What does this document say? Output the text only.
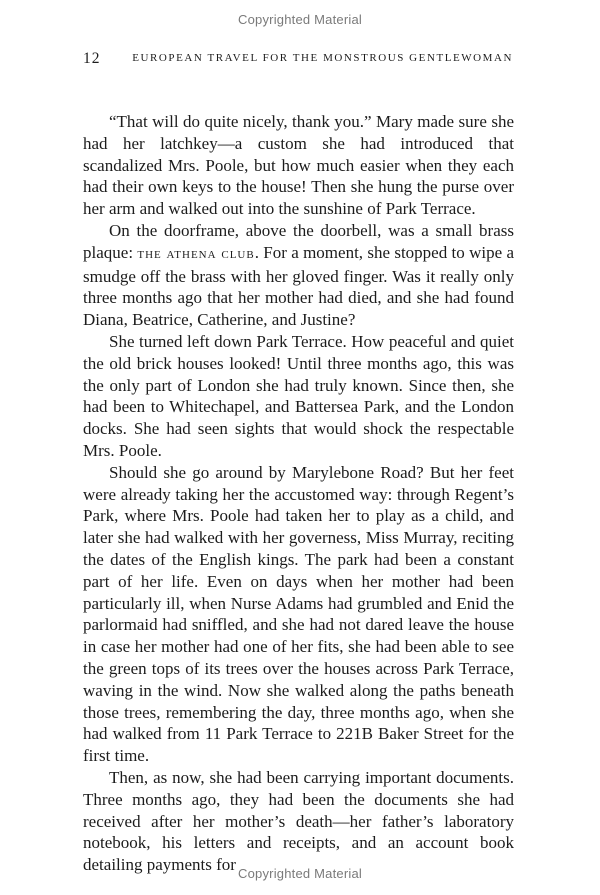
Copyrighted Material
12	EUROPEAN TRAVEL FOR THE MONSTROUS GENTLEWOMAN

“That will do quite nicely, thank you.” Mary made sure she had her latchkey—a custom she had introduced that scandalized Mrs. Poole, but how much easier when they each had their own keys to the house! Then she hung the purse over her arm and walked out into the sunshine of Park Terrace.

On the doorframe, above the doorbell, was a small brass plaque: the athena club. For a moment, she stopped to wipe a smudge off the brass with her gloved finger. Was it really only three months ago that her mother had died, and she had found Diana, Beatrice, Catherine, and Justine?

She turned left down Park Terrace. How peaceful and quiet the old brick houses looked! Until three months ago, this was the only part of London she had truly known. Since then, she had been to Whitechapel, and Battersea Park, and the London docks. She had seen sights that would shock the respectable Mrs. Poole.

Should she go around by Marylebone Road? But her feet were already taking her the accustomed way: through Regent’s Park, where Mrs. Poole had taken her to play as a child, and later she had walked with her governess, Miss Murray, reciting the dates of the English kings. The park had been a constant part of her life. Even on days when her mother had been particularly ill, when Nurse Adams had grumbled and Enid the parlormaid had sniffled, and she had not dared leave the house in case her mother had one of her fits, she had been able to see the green tops of its trees over the houses across Park Terrace, waving in the wind. Now she walked along the paths beneath those trees, remembering the day, three months ago, when she had walked from 11 Park Terrace to 221B Baker Street for the first time.

Then, as now, she had been carrying important documents. Three months ago, they had been the documents she had received after her mother’s death—her father’s laboratory notebook, his letters and receipts, and an account book detailing payments for Copyrighted Material
